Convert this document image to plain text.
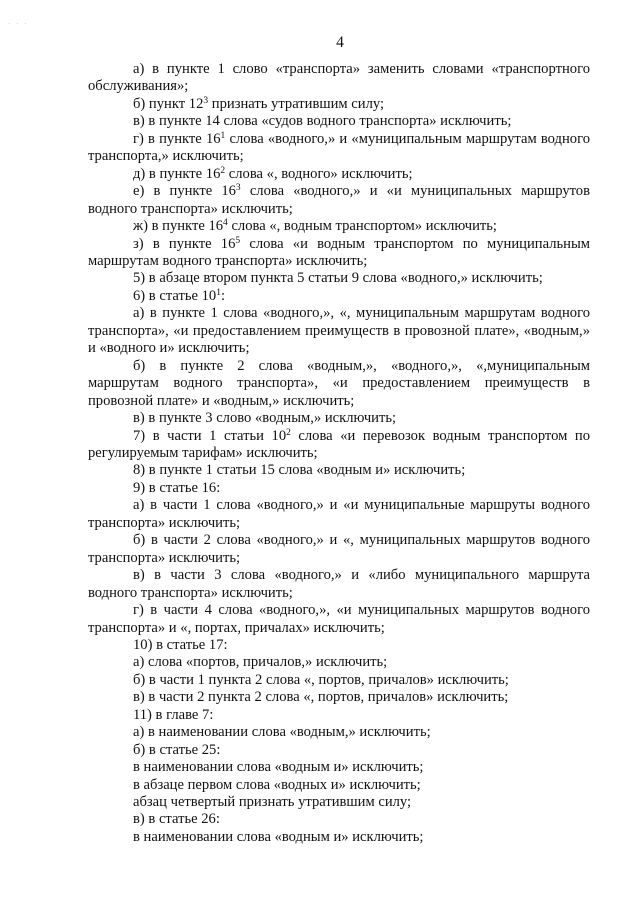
· · ·
4

а) в пункте 1 слово «транспорта» заменить словами «транспортного обслуживания»;

б) пункт $12^3$ признать утратившим силу;

в) в пункте 14 слова «судов водного транспорта» исключить;

г) в пункте $16^1$ слова «водного,» и «муниципальным маршрутам водного транспорта,» исключить;

д) в пункте $16^2$ слова «, водного» исключить;

е) в пункте $16^3$ слова «водного,» и «и муниципальных маршрутов водного транспорта» исключить;

ж) в пункте $16^4$ слова «, водным транспортом» исключить;

з) в пункте $16^5$ слова «и водным транспортом по муниципальным маршрутам водного транспорта» исключить;

5) в абзаце втором пункта 5 статьи 9 слова «водного,» исключить;

6) в статье $10^1$:

а) в пункте 1 слова «водного,», «, муниципальным маршрутам водного транспорта», «и предоставлением преимуществ в провозной плате», «водным,» и «водного и» исключить;

б) в пункте 2 слова «водным,», «водного,», «,муниципальным маршрутам водного транспорта», «и предоставлением преимуществ в провозной плате» и «водным,» исключить;

в) в пункте 3 слово «водным,» исключить;

7) в части 1 статьи $10^2$ слова «и перевозок водным транспортом по регулируемым тарифам» исключить;

8) в пункте 1 статьи 15 слова «водным и» исключить;

9) в статье 16:

а) в части 1 слова «водного,» и «и муниципальные маршруты водного транспорта» исключить;

б) в части 2 слова «водного,» и «, муниципальных маршрутов водного транспорта» исключить;

в) в части 3 слова «водного,» и «либо муниципального маршрута водного транспорта» исключить;

г) в части 4 слова «водного,», «и муниципальных маршрутов водного транспорта» и «, портах, причалах» исключить;

10) в статье 17:

а) слова «портов, причалов,» исключить;

б) в части 1 пункта 2 слова «, портов, причалов» исключить;

в) в части 2 пункта 2 слова «, портов, причалов» исключить;

11) в главе 7:

а) в наименовании слова «водным,» исключить;

б) в статье 25:

в наименовании слова «водным и» исключить;

в абзаце первом слова «водных и» исключить;

абзац четвертый признать утратившим силу;

в) в статье 26:

в наименовании слова «водным и» исключить;
